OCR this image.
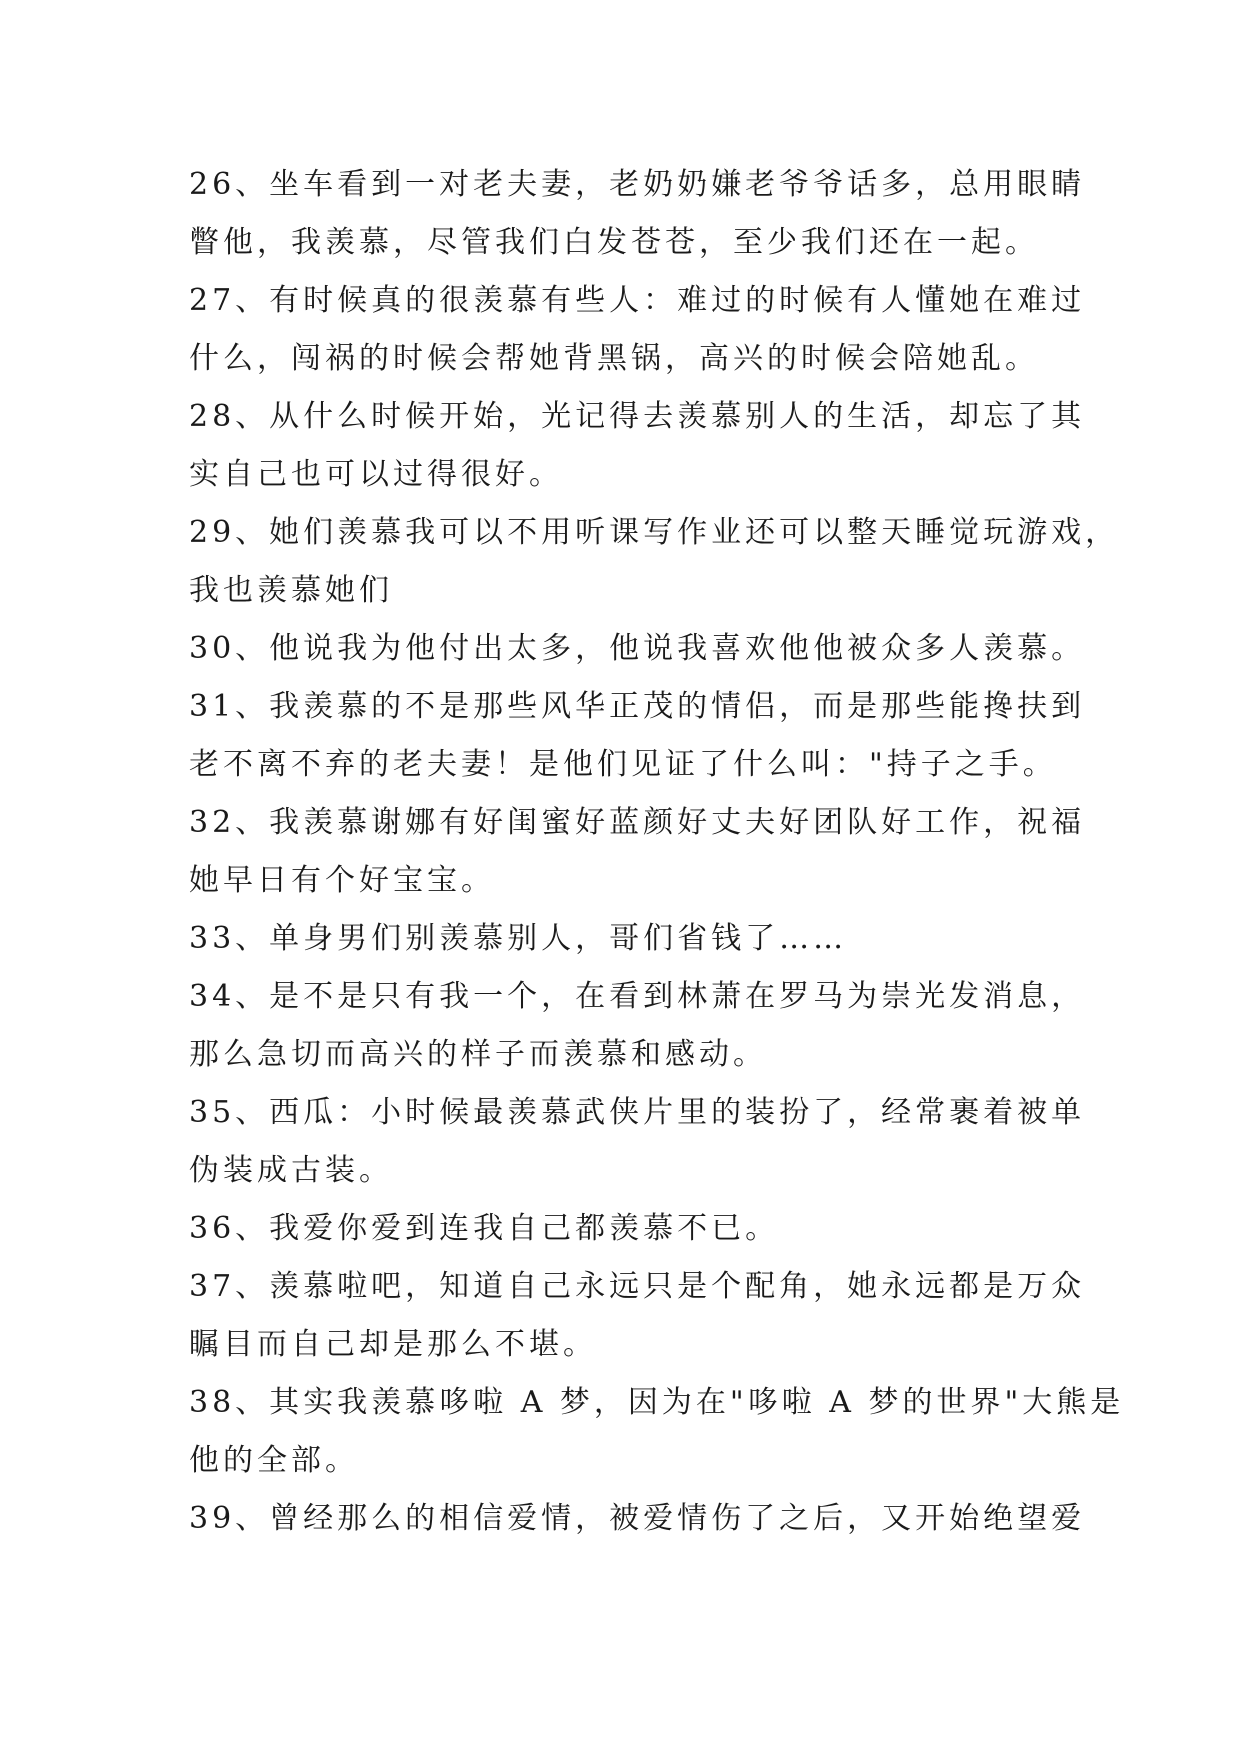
26、坐车看到一对老夫妻，老奶奶嫌老爷爷话多，总用眼睛
瞥他，我羡慕，尽管我们白发苍苍，至少我们还在一起。
27、有时候真的很羡慕有些人：难过的时候有人懂她在难过
什么，闯祸的时候会帮她背黑锅，高兴的时候会陪她乱。
28、从什么时候开始，光记得去羡慕别人的生活，却忘了其
实自己也可以过得很好。
29、她们羡慕我可以不用听课写作业还可以整天睡觉玩游戏，
我也羡慕她们
30、他说我为他付出太多，他说我喜欢他他被众多人羡慕。
31、我羡慕的不是那些风华正茂的情侣，而是那些能搀扶到
老不离不弃的老夫妻！是他们见证了什么叫："持子之手。
32、我羡慕谢娜有好闺蜜好蓝颜好丈夫好团队好工作，祝福
她早日有个好宝宝。
33、单身男们别羡慕别人，哥们省钱了……
34、是不是只有我一个，在看到林萧在罗马为崇光发消息，
那么急切而高兴的样子而羡慕和感动。
35、西瓜：小时候最羡慕武侠片里的装扮了，经常裹着被单
伪装成古装。
36、我爱你爱到连我自己都羡慕不已。
37、羡慕啦吧，知道自己永远只是个配角，她永远都是万众
瞩目而自己却是那么不堪。
38、其实我羡慕哆啦 A 梦，因为在"哆啦 A 梦的世界"大熊是
他的全部。
39、曾经那么的相信爱情，被爱情伤了之后，又开始绝望爱
